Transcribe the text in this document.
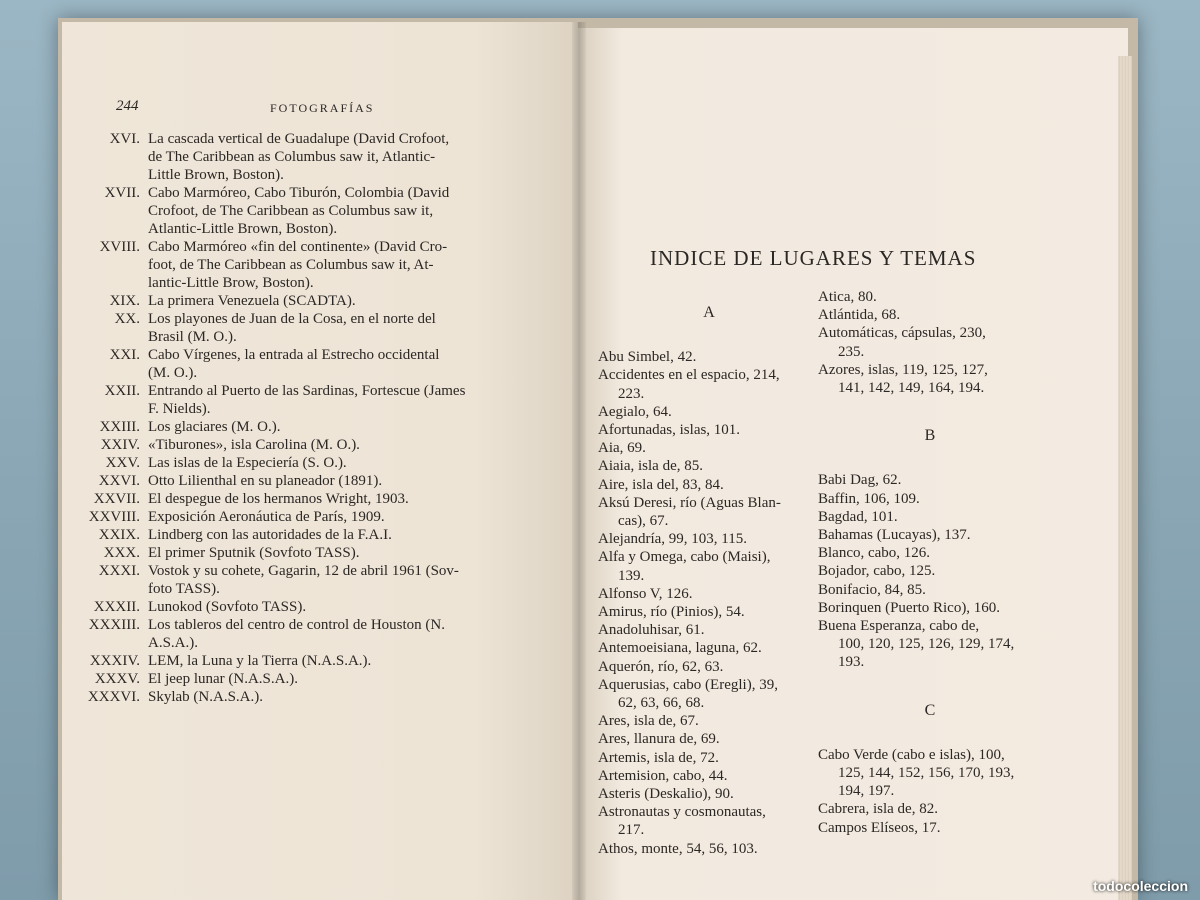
244	FOTOGRAFÍAS
XVI. La cascada vertical de Guadalupe (David Crofoot,
de The Caribbean as Columbus saw it, Atlantic-
Little Brown, Boston).
XVII. Cabo Marmóreo, Cabo Tiburón, Colombia (David
Crofoot, de The Caribbean as Columbus saw it,
Atlantic-Little Brown, Boston).
XVIII. Cabo Marmóreo «fin del continente» (David Cro-
foot, de The Caribbean as Columbus saw it, At-
lantic-Little Brow, Boston).
XIX. La primera Venezuela (SCADTA).
XX. Los playones de Juan de la Cosa, en el norte del
Brasil (M. O.).
XXI. Cabo Vírgenes, la entrada al Estrecho occidental
(M. O.).
XXII. Entrando al Puerto de las Sardinas, Fortescue (James
F. Nields).
XXIII. Los glaciares (M. O.).
XXIV. «Tiburones», isla Carolina (M. O.).
XXV. Las islas de la Especiería (S. O.).
XXVI. Otto Lilienthal en su planeador (1891).
XXVII. El despegue de los hermanos Wright, 1903.
XXVIII. Exposición Aeronáutica de París, 1909.
XXIX. Lindberg con las autoridades de la F.A.I.
XXX. El primer Sputnik (Sovfoto TASS).
XXXI. Vostok y su cohete, Gagarin, 12 de abril 1961 (Sov-
foto TASS).
XXXII. Lunokod (Sovfoto TASS).
XXXIII. Los tableros del centro de control de Houston (N.
A.S.A.).
XXXIV. LEM, la Luna y la Tierra (N.A.S.A.).
XXXV. El jeep lunar (N.A.S.A.).
XXXVI. Skylab (N.A.S.A.).
INDICE DE LUGARES Y TEMAS
A
Abu Simbel, 42.
Accidentes en el espacio, 214,
223.
Aegialo, 64.
Afortunadas, islas, 101.
Aia, 69.
Aiaia, isla de, 85.
Aire, isla del, 83, 84.
Aksú Deresi, río (Aguas Blan-
cas), 67.
Alejandría, 99, 103, 115.
Alfa y Omega, cabo (Maisi),
139.
Alfonso V, 126.
Amirus, río (Pinios), 54.
Anadoluhisar, 61.
Antemoeisiana, laguna, 62.
Aquerón, río, 62, 63.
Aquerusias, cabo (Eregli), 39,
62, 63, 66, 68.
Ares, isla de, 67.
Ares, llanura de, 69.
Artemis, isla de, 72.
Artemision, cabo, 44.
Asteris (Deskalio), 90.
Astronautas y cosmonautas,
217.
Athos, monte, 54, 56, 103.
Atica, 80.
Atlántida, 68.
Automáticas, cápsulas, 230,
235.
Azores, islas, 119, 125, 127,
141, 142, 149, 164, 194.
B
Babi Dag, 62.
Baffin, 106, 109.
Bagdad, 101.
Bahamas (Lucayas), 137.
Blanco, cabo, 126.
Bojador, cabo, 125.
Bonifacio, 84, 85.
Borinquen (Puerto Rico), 160.
Buena Esperanza, cabo de,
100, 120, 125, 126, 129, 174,
193.
C
Cabo Verde (cabo e islas), 100,
125, 144, 152, 156, 170, 193,
194, 197.
Cabrera, isla de, 82.
Campos Elíseos, 17.
todocoleccion
